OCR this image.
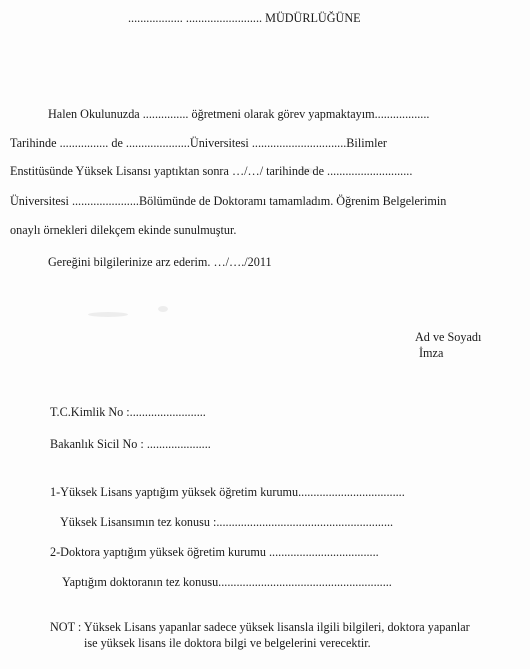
.................. ......................... MÜDÜRLÜĞÜNE
Halen Okulunuzda ............... öğretmeni olarak görev yapmaktayım..................
Tarihinde ................ de .....................Üniversitesi ...............................Bilimler
Enstitüsünde Yüksek Lisansı yaptıktan sonra …/…/ tarihinde de ............................
Üniversitesi ......................Bölümünde de Doktoramı tamamladım. Öğrenim Belgelerimin
onaylı örnekleri dilekçem ekinde sunulmuştur.
Gereğini bilgilerinize arz ederim. …/…./2011
Ad ve Soyadı
İmza
T.C.Kimlik No :.........................
Bakanlık Sicil No : .....................
1-Yüksek Lisans yaptığım yüksek öğretim kurumu...................................
Yüksek Lisansımın tez konusu :..........................................................
2-Doktora yaptığım yüksek öğretim kurumu ....................................
Yaptığım doktoranın tez konusu.........................................................
NOT : Yüksek Lisans yapanlar sadece yüksek lisansla ilgili bilgileri, doktora yapanlar
ise yüksek lisans ile doktora bilgi ve belgelerini verecektir.
